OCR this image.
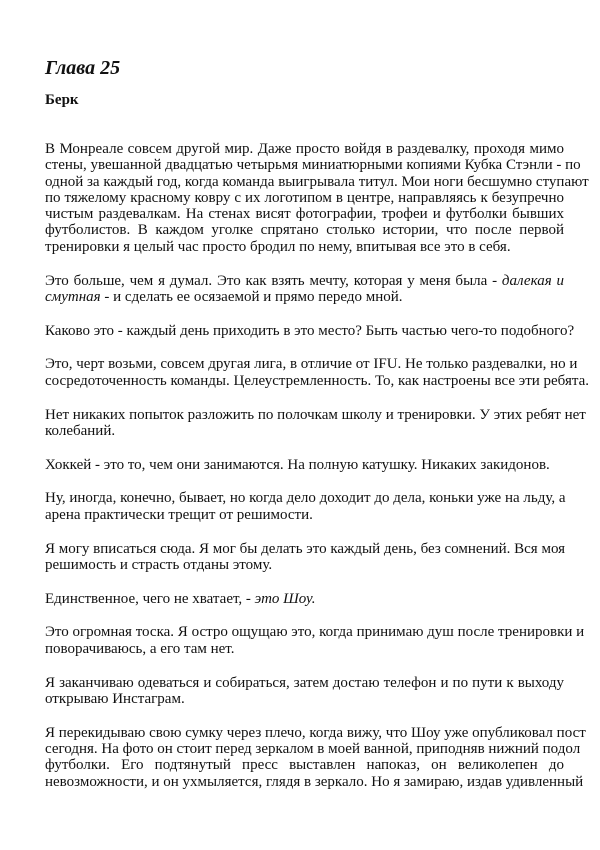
Глава 25
Берк

В Монреале совсем другой мир. Даже просто войдя в раздевалку, проходя мимо
стены, увешанной двадцатью четырьмя миниатюрными копиями Кубка Стэнли - по
одной за каждый год, когда команда выигрывала титул. Мои ноги бесшумно ступают
по тяжелому красному ковру с их логотипом в центре, направляясь к безупречно
чистым раздевалкам. На стенах висят фотографии, трофеи и футболки бывших
футболистов. В каждом уголке спрятано столько истории, что после первой
тренировки я целый час просто бродил по нему, впитывая все это в себя.

Это больше, чем я думал. Это как взять мечту, которая у меня была - далекая и
смутная - и сделать ее осязаемой и прямо передо мной.

Каково это - каждый день приходить в это место? Быть частью чего-то подобного?

Это, черт возьми, совсем другая лига, в отличие от IFU. Не только раздевалки, но и
сосредоточенность команды. Целеустремленность. То, как настроены все эти ребята.

Нет никаких попыток разложить по полочкам школу и тренировки. У этих ребят нет
колебаний.

Хоккей - это то, чем они занимаются. На полную катушку. Никаких закидонов.

Ну, иногда, конечно, бывает, но когда дело доходит до дела, коньки уже на льду, а
арена практически трещит от решимости.

Я могу вписаться сюда. Я мог бы делать это каждый день, без сомнений. Вся моя
решимость и страсть отданы этому.

Единственное, чего не хватает, - это Шоу.

Это огромная тоска. Я остро ощущаю это, когда принимаю душ после тренировки и
поворачиваюсь, а его там нет.

Я заканчиваю одеваться и собираться, затем достаю телефон и по пути к выходу
открываю Инстаграм.

Я перекидываю свою сумку через плечо, когда вижу, что Шоу уже опубликовал пост
сегодня. На фото он стоит перед зеркалом в моей ванной, приподняв нижний подол
футболки. Его подтянутый пресс выставлен напоказ, он великолепен до
невозможности, и он ухмыляется, глядя в зеркало. Но я замираю, издав удивленный
